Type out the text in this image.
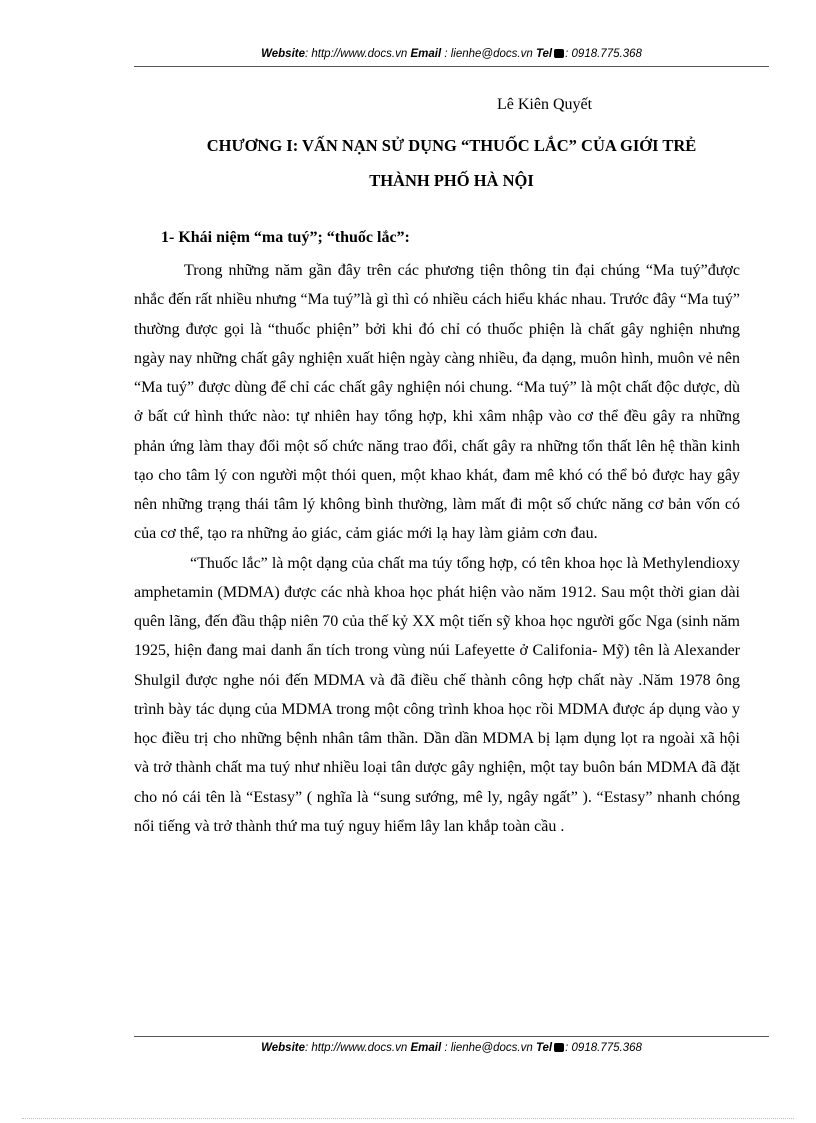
Website: http://www.docs.vn Email : lienhe@docs.vn Tel : 0918.775.368
Lê Kiên Quyết
CHƯƠNG I: VẤN NẠN SỬ DỤNG “THUỐC LẮC” CỦA GIỚI TRẺ
THÀNH PHỐ HÀ NỘI
1- Khái niệm “ma tuý”; “thuốc lắc”:

Trong những năm gần đây trên các phương tiện thông tin đại chúng “Ma tuý”được nhắc đến rất nhiều nhưng “Ma tuý”là gì thì có nhiều cách hiểu khác nhau. Trước đây “Ma tuý” thường được gọi là “thuốc phiện” bởi khi đó chỉ có thuốc phiện là chất gây nghiện nhưng ngày nay những chất gây nghiện xuất hiện ngày càng nhiều, đa dạng, muôn hình, muôn vẻ nên “Ma tuý” được dùng để chỉ các chất gây nghiện nói chung. “Ma tuý” là một chất độc dược, dù ở bất cứ hình thức nào: tự nhiên hay tổng hợp, khi xâm nhập vào cơ thể đều gây ra những phản ứng làm thay đổi một số chức năng trao đổi, chất gây ra những tổn thất lên hệ thần kinh tạo cho tâm lý con người một thói quen, một khao khát, đam mê khó có thể bỏ được hay gây nên những trạng thái tâm lý không bình thường, làm mất đi một số chức năng cơ bản vốn có của cơ thể, tạo ra những ảo giác, cảm giác mới lạ hay làm giảm cơn đau.

“Thuốc lắc” là một dạng của chất ma túy tổng hợp, có tên khoa học là Methylendioxy amphetamin (MDMA) được các nhà khoa học phát hiện vào năm 1912. Sau một thời gian dài quên lãng, đến đầu thập niên 70 của thế kỷ XX một tiến sỹ khoa học người gốc Nga (sinh năm 1925, hiện đang mai danh ẩn tích trong vùng núi Lafeyette ở Califonia- Mỹ) tên là Alexander Shulgil được nghe nói đến MDMA và đã điều chế thành công hợp chất này .Năm 1978 ông trình bày tác dụng của MDMA trong một công trình khoa học rồi MDMA được áp dụng vào y học điều trị cho những bệnh nhân tâm thần. Dần dần MDMA bị lạm dụng lọt ra ngoài xã hội và trở thành chất ma tuý như nhiều loại tân dược gây nghiện, một tay buôn bán MDMA đã đặt cho nó cái tên là “Estasy” ( nghĩa là “sung sướng, mê ly, ngây ngất” ). “Estasy” nhanh chóng nổi tiếng và trở thành thứ ma tuý nguy hiểm lây lan khắp toàn cầu .

Website: http://www.docs.vn Email : lienhe@docs.vn Tel : 0918.775.368
